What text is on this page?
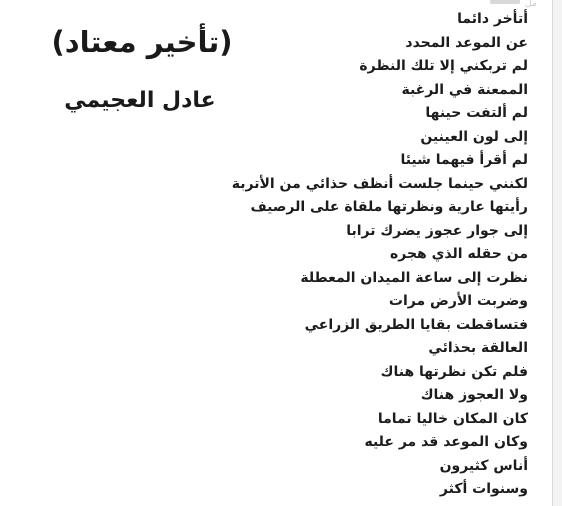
مل
(تأخير معتاد)
عادل العجيمي
أتأخر دائما
عن الموعد المحدد
لم تربكني إلا تلك النظرة
الممعنة في الرغبة
لم ألتفت حينها
إلى لون العينين
لم أقرأ فيهما شيئا
لكنني حينما جلست أنظف حذائي من الأتربة
رأيتها عارية ونظرتها ملقاة على الرصيف
إلى جوار عجوز يضرك ترابا
من حقله الذي هجره
نظرت إلى ساعة الميدان المعطلة
وضربت الأرض مرات
فتساقطت بقايا الطريق الزراعي
العالقة بحذائي
فلم تكن نظرتها هناك
ولا العجوز هناك
كان المكان خاليا تماما
وكان الموعد قد مر عليه
أناس كثيرون
وسنوات أكثر
